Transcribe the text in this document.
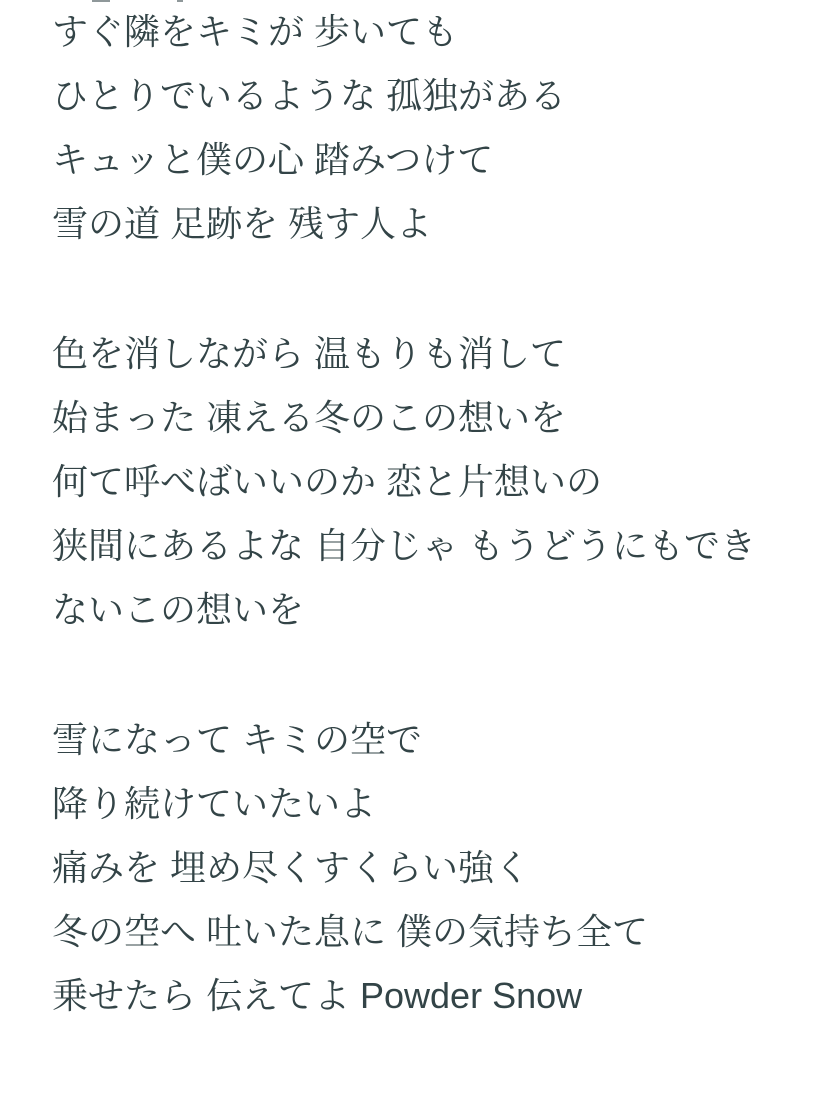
すぐ隣をキミが 歩いても
ひとりでいるような 孤独がある
キュッと僕の心 踏みつけて
雪の道 足跡を 残す人よ

色を消しながら 温もりも消して
始まった 凍える冬のこの想いを
何て呼べばいいのか 恋と片想いの
狭間にあるよな 自分じゃ もうどうにもでき
ないこの想いを

雪になって キミの空で
降り続けていたいよ
痛みを 埋め尽くすくらい強く
冬の空へ 吐いた息に 僕の気持ち全て
乗せたら 伝えてよ Powder Snow
